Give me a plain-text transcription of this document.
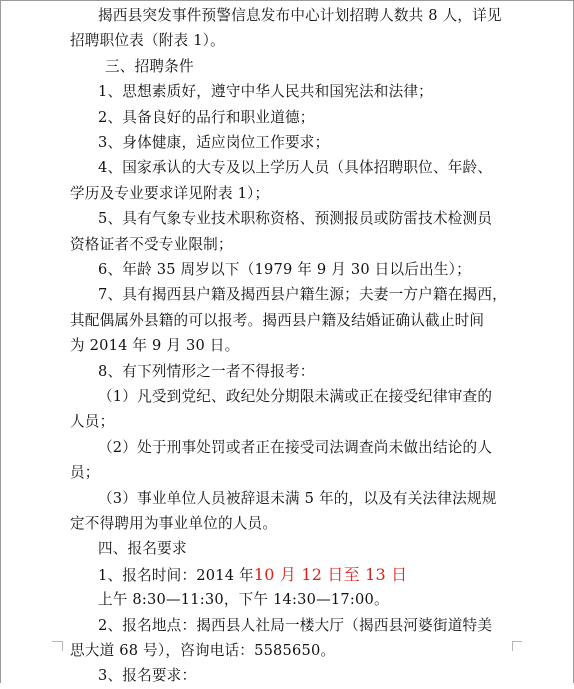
揭西县突发事件预警信息发布中心计划招聘人数共 8 人，详见
招聘职位表（附表 1）。
三、招聘条件
1、思想素质好，遵守中华人民共和国宪法和法律；
2、具备良好的品行和职业道德；
3、身体健康，适应岗位工作要求；
4、国家承认的大专及以上学历人员（具体招聘职位、年龄、
学历及专业要求详见附表 1）；
5、具有气象专业技术职称资格、预测报员或防雷技术检测员
资格证者不受专业限制；
6、年龄 35 周岁以下（1979 年 9 月 30 日以后出生）；
7、具有揭西县户籍及揭西县户籍生源；夫妻一方户籍在揭西，
其配偶属外县籍的可以报考。揭西县户籍及结婚证确认截止时间
为 2014 年 9 月 30 日。
8、有下列情形之一者不得报考：
（1）凡受到党纪、政纪处分期限未满或正在接受纪律审查的
人员；
（2）处于刑事处罚或者正在接受司法调查尚未做出结论的人
员；
（3）事业单位人员被辞退未满 5 年的，以及有关法律法规规
定不得聘用为事业单位的人员。
四、报名要求
1、报名时间：2014 年10 月 12 日至 13 日
上午 8:30—11:30，下午 14:30—17:00。
2、报名地点：揭西县人社局一楼大厅（揭西县河婆街道特美
思大道 68 号），咨询电话：5585650。
3、报名要求：
